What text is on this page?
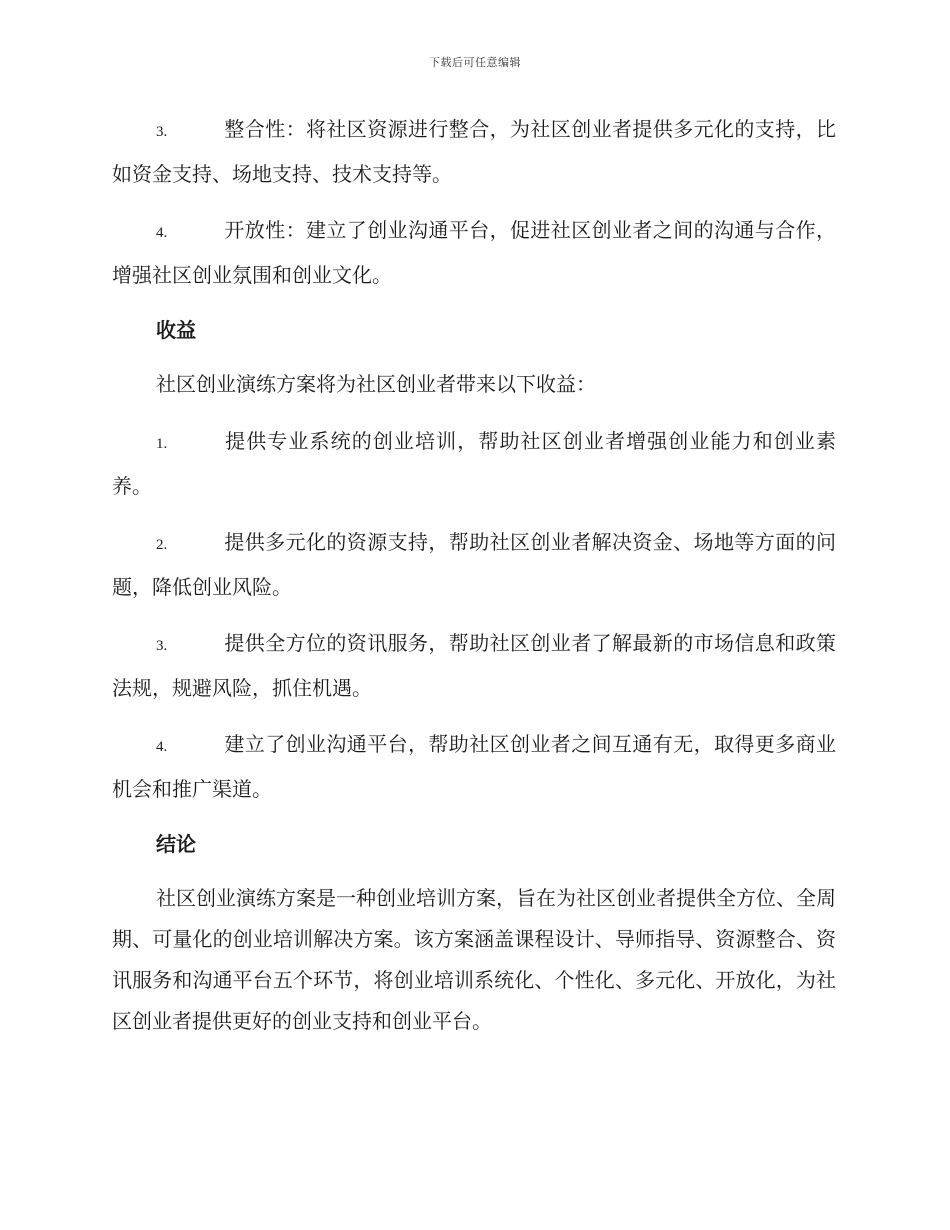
下载后可任意编辑

3.	整合性：将社区资源进行整合，为社区创业者提供多元化的支持，比如资金支持、场地支持、技术支持等。

4.	开放性：建立了创业沟通平台，促进社区创业者之间的沟通与合作，增强社区创业氛围和创业文化。

收益

社区创业演练方案将为社区创业者带来以下收益：

1.	提供专业系统的创业培训，帮助社区创业者增强创业能力和创业素养。

2.	提供多元化的资源支持，帮助社区创业者解决资金、场地等方面的问题，降低创业风险。

3.	提供全方位的资讯服务，帮助社区创业者了解最新的市场信息和政策法规，规避风险，抓住机遇。

4.	建立了创业沟通平台，帮助社区创业者之间互通有无，取得更多商业机会和推广渠道。

结论

社区创业演练方案是一种创业培训方案，旨在为社区创业者提供全方位、全周期、可量化的创业培训解决方案。该方案涵盖课程设计、导师指导、资源整合、资讯服务和沟通平台五个环节，将创业培训系统化、个性化、多元化、开放化，为社区创业者提供更好的创业支持和创业平台。
